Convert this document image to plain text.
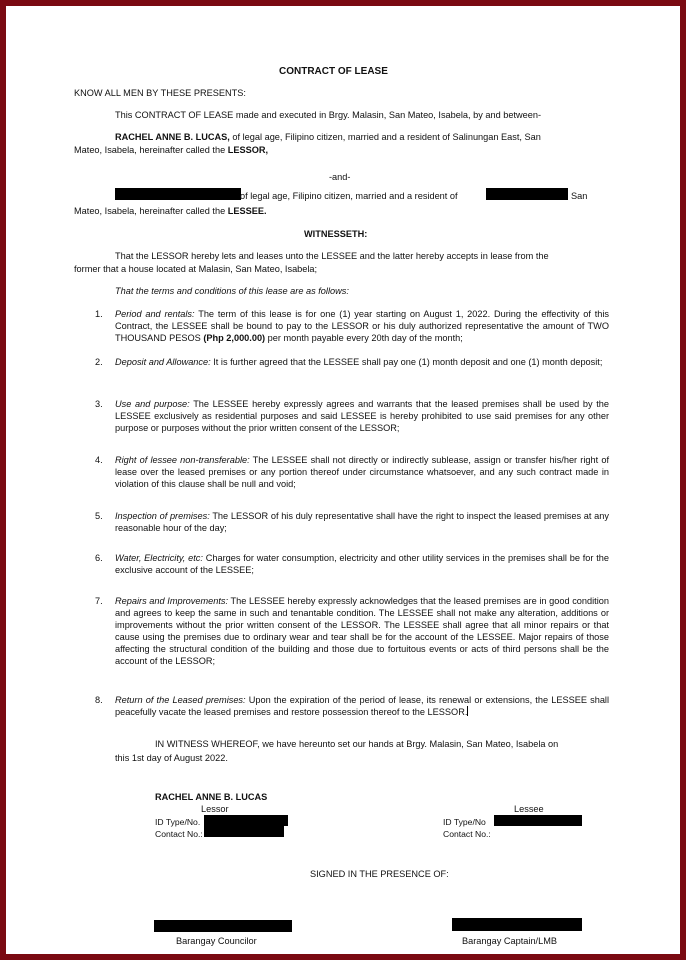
CONTRACT OF LEASE
KNOW ALL MEN BY THESE PRESENTS:
This CONTRACT OF LEASE made and executed in Brgy. Malasin, San Mateo, Isabela, by and between-
RACHEL ANNE B. LUCAS, of legal age, Filipino citizen, married and a resident of Salinungan East, San
Mateo, Isabela, hereinafter called the LESSOR,
-and-
of legal age, Filipino citizen, married and a resident of	San
Mateo, Isabela, hereinafter called the LESSEE.
WITNESSETH:
That the LESSOR hereby lets and leases unto the LESSEE and the latter hereby accepts in lease from the
former that a house located at Malasin, San Mateo, Isabela;
That the terms and conditions of this lease are as follows:
1. Period and rentals: The term of this lease is for one (1) year starting on August 1, 2022. During the effectivity of this Contract, the LESSEE shall be bound to pay to the LESSOR or his duly authorized representative the amount of TWO THOUSAND PESOS (Php 2,000.00) per month payable every 20th day of the month;
2. Deposit and Allowance: It is further agreed that the LESSEE shall pay one (1) month deposit and one (1) month deposit;
3. Use and purpose: The LESSEE hereby expressly agrees and warrants that the leased premises shall be used by the LESSEE exclusively as residential purposes and said LESSEE is hereby prohibited to use said premises for any other purpose or purposes without the prior written consent of the LESSOR;
4. Right of lessee non-transferable: The LESSEE shall not directly or indirectly sublease, assign or transfer his/her right of lease over the leased premises or any portion thereof under circumstance whatsoever, and any such contract made in violation of this clause shall be null and void;
5. Inspection of premises: The LESSOR of his duly representative shall have the right to inspect the leased premises at any reasonable hour of the day;
6. Water, Electricity, etc: Charges for water consumption, electricity and other utility services in the premises shall be for the exclusive account of the LESSEE;
7. Repairs and Improvements: The LESSEE hereby expressly acknowledges that the leased premises are in good condition and agrees to keep the same in such and tenantable condition. The LESSEE shall not make any alteration, additions or improvements without the prior written consent of the LESSOR. The LESSEE shall agree that all minor repairs or that cause using the premises due to ordinary wear and tear shall be for the account of the LESSEE. Major repairs of those affecting the structural condition of the building and those due to fortuitous events or acts of third persons shall be the account of the LESSOR;
8. Return of the Leased premises: Upon the expiration of the period of lease, its renewal or extensions, the LESSEE shall peacefully vacate the leased premises and restore possession thereof to the LESSOR.
IN WITNESS WHEREOF, we have hereunto set our hands at Brgy. Malasin, San Mateo, Isabela on
this 1st day of August 2022.
RACHEL ANNE B. LUCAS
Lessor
ID Type/No.
Contact No.:
Lessee
ID Type/No
Contact No.:
SIGNED IN THE PRESENCE OF:
Barangay Councilor	Barangay Captain/LMB
